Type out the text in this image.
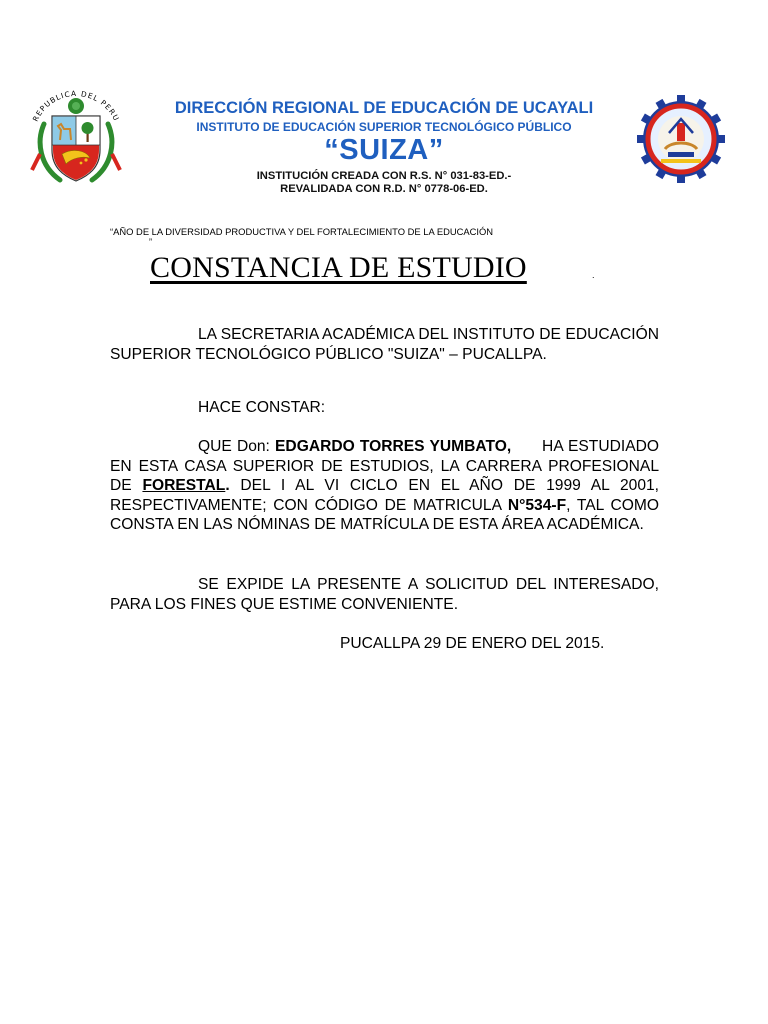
REPUBLICA DEL PERU
DIRECCIÓN REGIONAL DE EDUCACIÓN DE UCAYALI
INSTITUTO DE EDUCACIÓN SUPERIOR TECNOLÓGICO PÚBLICO
“SUIZA”
INSTITUCIÓN CREADA CON R.S. N° 031-83-ED.-
REVALIDADA CON R.D. N° 0778-06-ED.
“AÑO DE LA DIVERSIDAD PRODUCTIVA Y DEL FORTALECIMIENTO DE LA EDUCACIÓN
”
CONSTANCIA DE ESTUDIO	.
LA SECRETARIA ACADÉMICA DEL INSTITUTO DE EDUCACIÓN SUPERIOR TECNOLÓGICO PÚBLICO "SUIZA" – PUCALLPA.
HACE CONSTAR:
QUE Don: EDGARDO TORRES YUMBATO,      HA ESTUDIADO EN ESTA CASA SUPERIOR DE ESTUDIOS, LA CARRERA PROFESIONAL DE FORESTAL. DEL I AL VI CICLO EN EL AÑO DE 1999 AL 2001, RESPECTIVAMENTE; CON CÓDIGO DE MATRICULA N°534-F, TAL COMO CONSTA EN LAS NÓMINAS DE MATRÍCULA DE ESTA ÁREA ACADÉMICA.
SE EXPIDE LA PRESENTE A SOLICITUD DEL INTERESADO, PARA LOS FINES QUE ESTIME CONVENIENTE.
PUCALLPA 29 DE ENERO DEL 2015.
